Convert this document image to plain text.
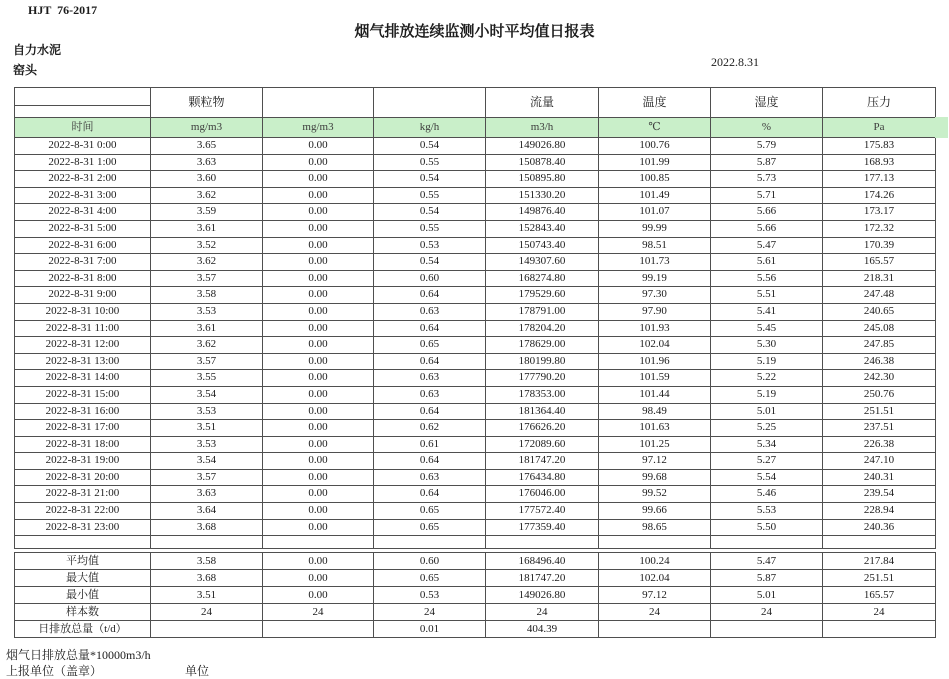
HJT  76-2017
烟气排放连续监测小时平均值日报表
自力水泥
窑头
2022.8.31
	颗粒物			流量	温度	湿度	压力

时间	mg/m3	mg/m3	kg/h	m3/h	℃	%	Pa
2022-8-31 0:00	3.65	0.00	0.54	149026.80	100.76	5.79	175.83
2022-8-31 1:00	3.63	0.00	0.55	150878.40	101.99	5.87	168.93
2022-8-31 2:00	3.60	0.00	0.54	150895.80	100.85	5.73	177.13
2022-8-31 3:00	3.62	0.00	0.55	151330.20	101.49	5.71	174.26
2022-8-31 4:00	3.59	0.00	0.54	149876.40	101.07	5.66	173.17
2022-8-31 5:00	3.61	0.00	0.55	152843.40	99.99	5.66	172.32
2022-8-31 6:00	3.52	0.00	0.53	150743.40	98.51	5.47	170.39
2022-8-31 7:00	3.62	0.00	0.54	149307.60	101.73	5.61	165.57
2022-8-31 8:00	3.57	0.00	0.60	168274.80	99.19	5.56	218.31
2022-8-31 9:00	3.58	0.00	0.64	179529.60	97.30	5.51	247.48
2022-8-31 10:00	3.53	0.00	0.63	178791.00	97.90	5.41	240.65
2022-8-31 11:00	3.61	0.00	0.64	178204.20	101.93	5.45	245.08
2022-8-31 12:00	3.62	0.00	0.65	178629.00	102.04	5.30	247.85
2022-8-31 13:00	3.57	0.00	0.64	180199.80	101.96	5.19	246.38
2022-8-31 14:00	3.55	0.00	0.63	177790.20	101.59	5.22	242.30
2022-8-31 15:00	3.54	0.00	0.63	178353.00	101.44	5.19	250.76
2022-8-31 16:00	3.53	0.00	0.64	181364.40	98.49	5.01	251.51
2022-8-31 17:00	3.51	0.00	0.62	176626.20	101.63	5.25	237.51
2022-8-31 18:00	3.53	0.00	0.61	172089.60	101.25	5.34	226.38
2022-8-31 19:00	3.54	0.00	0.64	181747.20	97.12	5.27	247.10
2022-8-31 20:00	3.57	0.00	0.63	176434.80	99.68	5.54	240.31
2022-8-31 21:00	3.63	0.00	0.64	176046.00	99.52	5.46	239.54
2022-8-31 22:00	3.64	0.00	0.65	177572.40	99.66	5.53	228.94
2022-8-31 23:00	3.68	0.00	0.65	177359.40	98.65	5.50	240.36

平均值	3.58	0.00	0.60	168496.40	100.24	5.47	217.84
最大值	3.68	0.00	0.65	181747.20	102.04	5.87	251.51
最小值	3.51	0.00	0.53	149026.80	97.12	5.01	165.57
样本数	24	24	24	24	24	24	24
日排放总量（t/d）			0.01	404.39			
烟气日排放总量*10000m3/h
上报单位（盖章）	单位
